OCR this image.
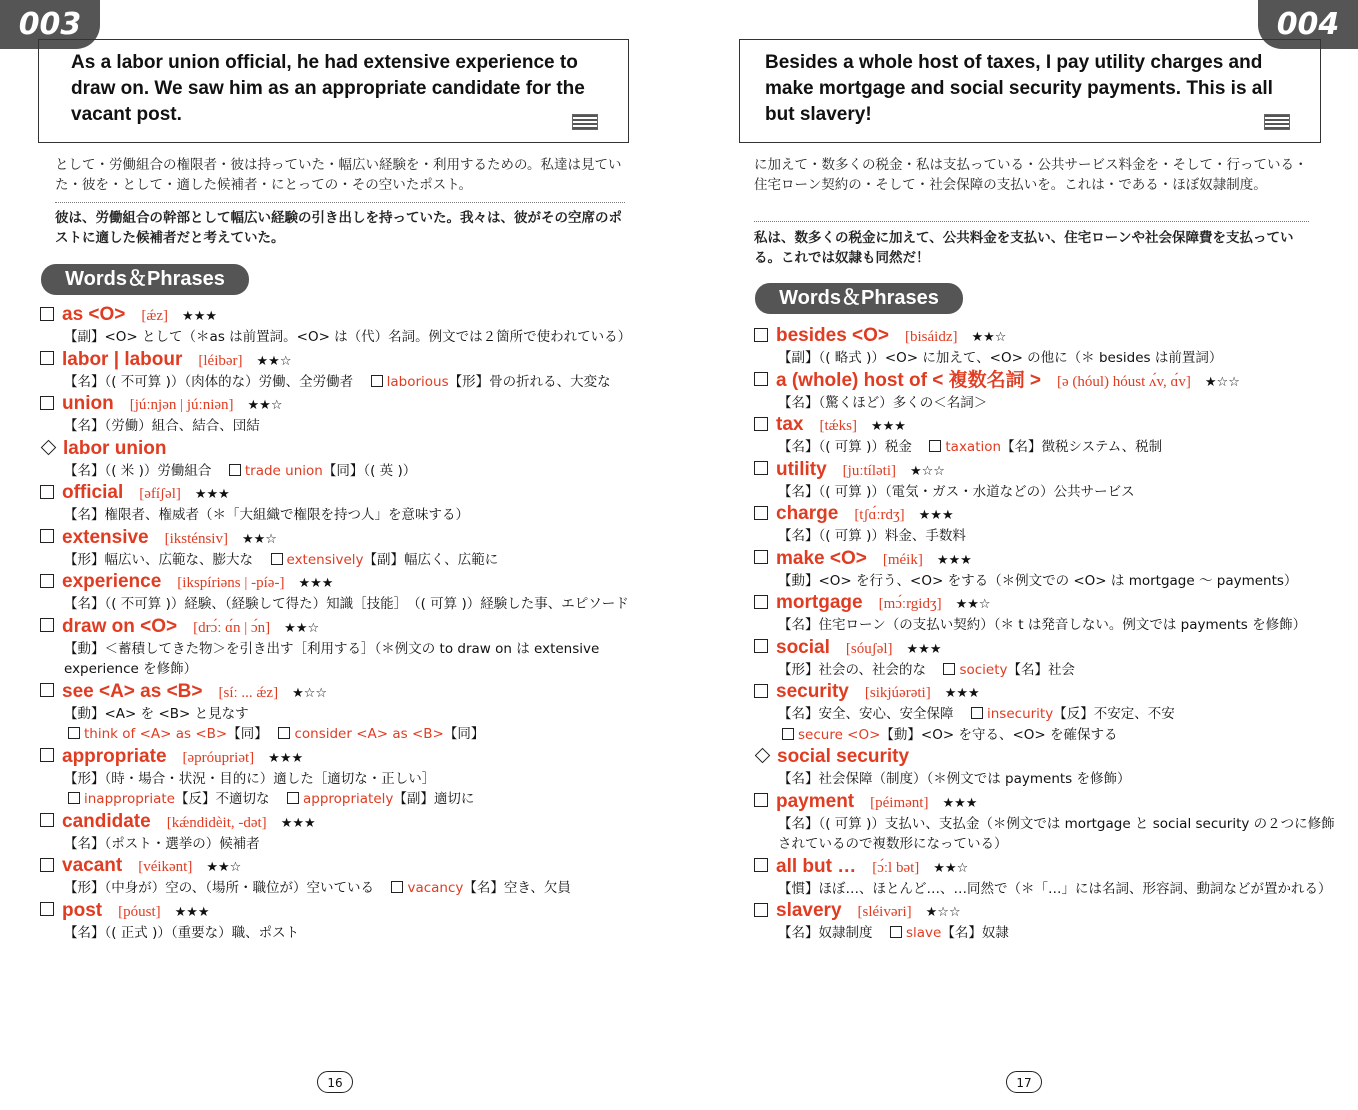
003
As a labor union official, he had extensive experience to draw on. We saw him as an appropriate candidate for the vacant post.
として・労働組合の権限者・彼は持っていた・幅広い経験を・利用するための。私達は見ていた・彼を・として・適した候補者・にとっての・その空いたポスト。
彼は、労働組合の幹部として幅広い経験の引き出しを持っていた。我々は、彼がその空席のポストに適した候補者だと考えていた。
Words＆Phrases
as <O> [ǽz] ★★★
【副】<O> として（＊as は前置詞。<O> は（代）名詞。例文では２箇所で使われている）
labor | labour [léibər] ★★☆
【名】（( 不可算 )）（肉体的な）労働、全労働者　laborious【形】骨の折れる、大変な
union [júːnjən | júːniən] ★★☆
【名】（労働）組合、結合、団結
labor union
【名】（( 米 )）労働組合　trade union【同】（( 英 )）
official [əfíʃəl] ★★★
【名】権限者、権威者（＊「大組織で権限を持つ人」を意味する）
extensive [iksténsiv] ★★☆
【形】幅広い、広範な、膨大な　extensively【副】幅広く、広範に
experience [ikspíriəns | -píə-] ★★★
【名】（( 不可算 )）経験、（経験して得た）知識［技能］　（( 可算 )）経験した事、エピソード
draw on <O> [drɔ́ː ɑ́n | ɔ́n] ★★☆
【動】＜蓄積してきた物＞を引き出す［利用する］（＊例文の to draw on は extensive experience を修飾）
see <A> as <B> [síː ... ǽz] ★☆☆
【動】<A> を <B> と見なす
think of <A> as <B>【同】　consider <A> as <B>【同】
appropriate [əpróupriət] ★★★
【形】（時・場合・状況・目的に）適した［適切な・正しい］
inappropriate【反】不適切な　appropriately【副】適切に
candidate [kǽndidèit, -dət] ★★★
【名】（ポスト・選挙の）候補者
vacant [véikənt] ★★☆
【形】（中身が）空の、（場所・職位が）空いている　vacancy【名】空き、欠員
post [póust] ★★★
【名】（( 正式 )）（重要な）職、ポスト
16
004
Besides a whole host of taxes, I pay utility charges and make mortgage and social security payments. This is all but slavery!
に加えて・数多くの税金・私は支払っている・公共サービス料金を・そして・行っている・住宅ローン契約の・そして・社会保障の支払いを。これは・である・ほぼ奴隷制度。
私は、数多くの税金に加えて、公共料金を支払い、住宅ローンや社会保障費を支払っている。これでは奴隷も同然だ！
Words＆Phrases
besides <O> [bisáidz] ★★☆
【副】（( 略式 )）<O> に加えて、<O> の他に（＊ besides は前置詞）
a (whole) host of < 複数名詞 > [ə (hóul) hóust ʌ́v, ɑ́v] ★☆☆
【名】（驚くほど）多くの＜名詞＞
tax [tǽks] ★★★
【名】（( 可算 )）税金　taxation【名】徴税システム、税制
utility [juːtíləti] ★☆☆
【名】（( 可算 )）（電気・ガス・水道などの）公共サービス
charge [tʃɑ́ːrdʒ] ★★★
【名】（( 可算 )）料金、手数料
make <O> [méik] ★★★
【動】<O> を行う、<O> をする（＊例文での <O> は mortgage ～ payments）
mortgage [mɔ́ːrgidʒ] ★★☆
【名】住宅ローン（の支払い契約）（＊ t は発音しない。例文では payments を修飾）
social [sóuʃəl] ★★★
【形】社会の、社会的な　society【名】社会
security [sikjúərəti] ★★★
【名】安全、安心、安全保障　insecurity【反】不安定、不安
secure <O>【動】<O> を守る、<O> を確保する
social security
【名】社会保障（制度）（＊例文では payments を修飾）
payment [péimənt] ★★★
【名】（( 可算 )）支払い、支払金（＊例文では mortgage と social security の２つに修飾されているので複数形になっている）
all but … [ɔ́ːl bət] ★★☆
【慣】ほぼ…、ほとんど…、…同然で（＊「…」には名詞、形容詞、動詞などが置かれる）
slavery [sléivəri] ★☆☆
【名】奴隷制度　slave【名】奴隷
17
